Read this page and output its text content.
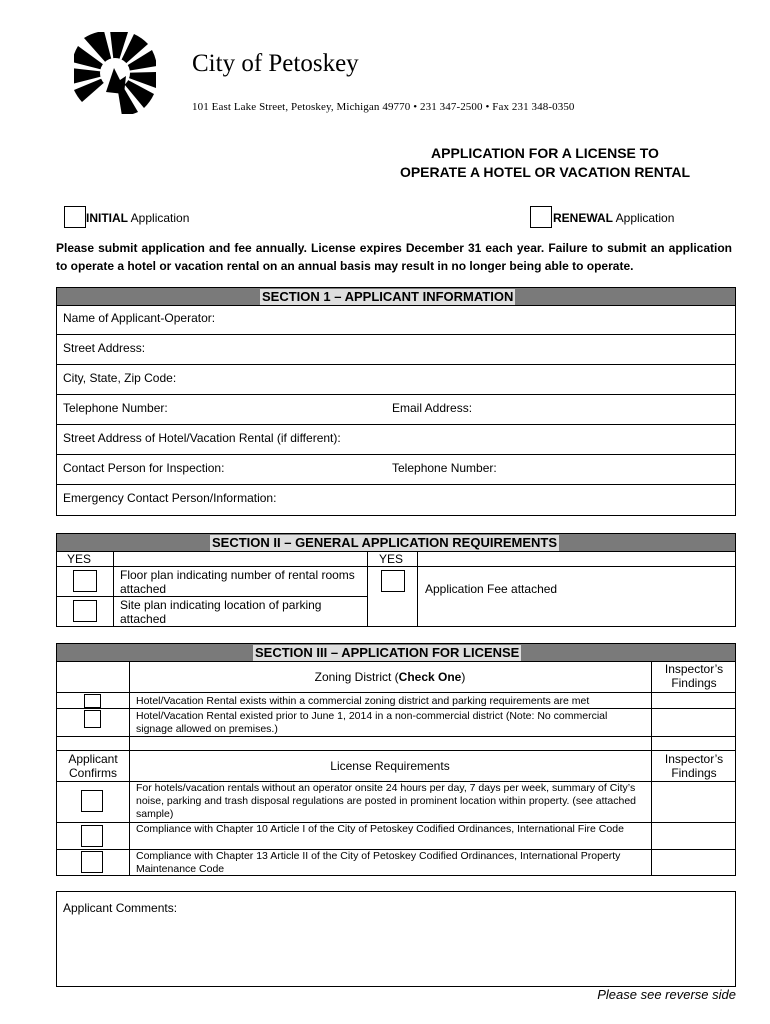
City of Petoskey
101 East Lake Street, Petoskey, Michigan 49770 • 231 347-2500 • Fax 231 348-0350
APPLICATION FOR A LICENSE TO
OPERATE A HOTEL OR VACATION RENTAL
INITIAL Application	RENEWAL Application
Please submit application and fee annually. License expires December 31 each year. Failure to submit an application to operate a hotel or vacation rental on an annual basis may result in no longer being able to operate.
SECTION 1 – APPLICANT INFORMATION
Name of Applicant-Operator:
Street Address:
City, State, Zip Code:
Telephone Number:	Email Address:
Street Address of Hotel/Vacation Rental (if different):
Contact Person for Inspection:	Telephone Number:
Emergency Contact Person/Information:
SECTION II – GENERAL APPLICATION REQUIREMENTS
YES	YES
Floor plan indicating number of rental rooms attached
Site plan indicating location of parking attached
Application Fee attached
SECTION III – APPLICATION FOR LICENSE
Zoning District (Check One)
Inspector’s Findings
Hotel/Vacation Rental exists within a commercial zoning district and parking requirements are met
Hotel/Vacation Rental existed prior to June 1, 2014 in a non-commercial district (Note: No commercial signage allowed on premises.)
Applicant Confirms	License Requirements	Inspector’s Findings
For hotels/vacation rentals without an operator onsite 24 hours per day, 7 days per week, summary of City’s noise, parking and trash disposal regulations are posted in prominent location within property. (see attached sample)
Compliance with Chapter 10 Article I of the City of Petoskey Codified Ordinances, International Fire Code
Compliance with Chapter 13 Article II of the City of Petoskey Codified Ordinances, International Property Maintenance Code
Applicant Comments:
Please see reverse side
